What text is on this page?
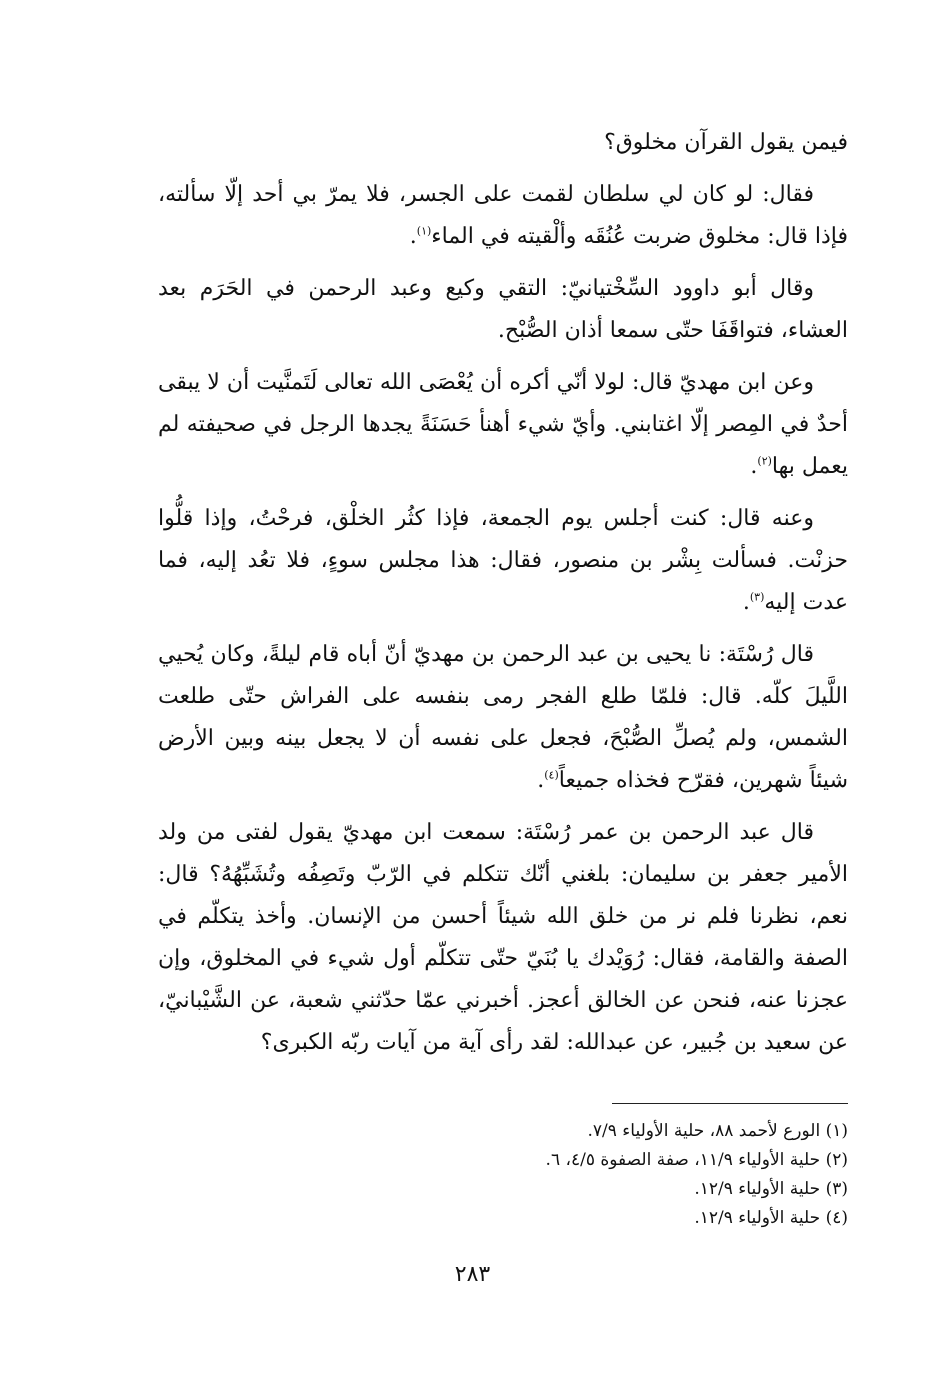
فيمن يقول القرآن مخلوق؟

فقال: لو كان لي سلطان لقمت على الجسر، فلا يمرّ بي أحد إلّا سألته، فإذا قال: مخلوق ضربت عُنُقَه وألْقيته في الماء$^{(١)}$.

وقال أبو داوود السِّخْتيانيّ: التقي وكيع وعبد الرحمن في الحَرَم بعد العشاء، فتواقَفَا حتّى سمعا أذان الصُّبْح.

وعن ابن مهديّ قال: لولا أنّي أكره أن يُعْصَى الله تعالى لَتَمنَّيت أن لا يبقى أحدٌ في المِصر إلّا اغتابني. وأيّ شيء أهنأ حَسَنَةً يجدها الرجل في صحيفته لم يعمل بها$^{(٢)}$.

وعنه قال: كنت أجلس يوم الجمعة، فإذا كثُر الخلْق، فرحْتُ، وإذا قلُّوا حزنْت. فسألت بِشْر بن منصور، فقال: هذا مجلس سوءٍ، فلا تعُد إليه، فما عدت إليه$^{(٣)}$.

قال رُسْتَة: نا يحيى بن عبد الرحمن بن مهديّ أنّ أباه قام ليلةً، وكان يُحيي اللَّيلَ كلّه. قال: فلمّا طلع الفجر رمى بنفسه على الفراش حتّى طلعت الشمس، ولم يُصلِّ الصُّبْحَ، فجعل على نفسه أن لا يجعل بينه وبين الأرض شيئاً شهرين، فقرّح فخذاه جميعاً$^{(٤)}$.

قال عبد الرحمن بن عمر رُسْتَة: سمعت ابن مهديّ يقول لفتى من ولد الأمير جعفر بن سليمان: بلغني أنّك تتكلم في الرّبّ وتَصِفُه وتُشَبِّهُهُ؟ قال: نعم، نظرنا فلم نر من خلق الله شيئاً أحسن من الإنسان. وأخذ يتكلّم في الصفة والقامة، فقال: رُوَيْدك يا بُنَيّ حتّى تتكلّم أول شيء في المخلوق، وإن عجزنا عنه، فنحن عن الخالق أعجز. أخبرني عمّا حدّثني شعبة، عن الشَّيْبانيّ، عن سعيد بن جُبير، عن عبدالله: لقد رأى آية من آيات ربّه الكبرى؟

(١) الورع لأحمد ٨٨، حلية الأولياء ٧/٩.

(٢) حلية الأولياء ١١/٩، صفة الصفوة ٤/٥، ٦.

(٣) حلية الأولياء ١٢/٩.

(٤) حلية الأولياء ١٢/٩.

٢٨٣
